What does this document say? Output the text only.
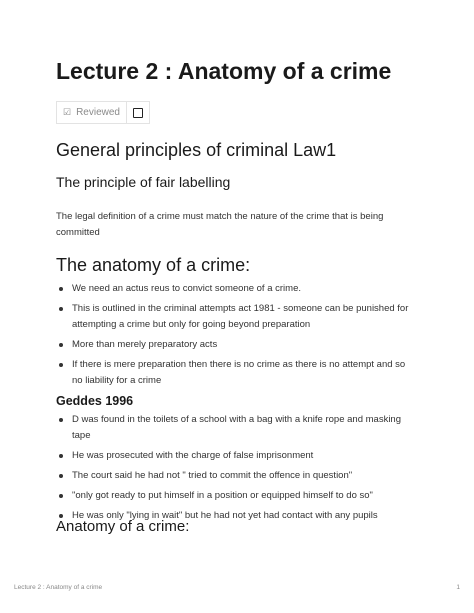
Lecture 2 : Anatomy of a crime
☑ Reviewed
General principles of criminal Law1
The principle of fair labelling

The legal definition of a crime must match the nature of the crime that is being committed

The anatomy of a crime:
We need an actus reus to convict someone of a crime.
This is outlined in the criminal attempts act 1981 - someone can be punished for attempting a crime but only for going beyond preparation
More than merely preparatory acts
If there is mere preparation then there is no crime as there is no attempt and so no liability for a crime
Geddes 1996
D was found in the toilets of a school with a bag with a knife rope and masking tape
He was prosecuted with the charge of false imprisonment
The court said he had not " tried to commit the offence in question"
"only got ready to put himself in a position or equipped himself to do so"
He was only "lying in wait" but he had not yet had contact with any pupils
Anatomy of a crime:
Lecture 2 : Anatomy of a crime	1
